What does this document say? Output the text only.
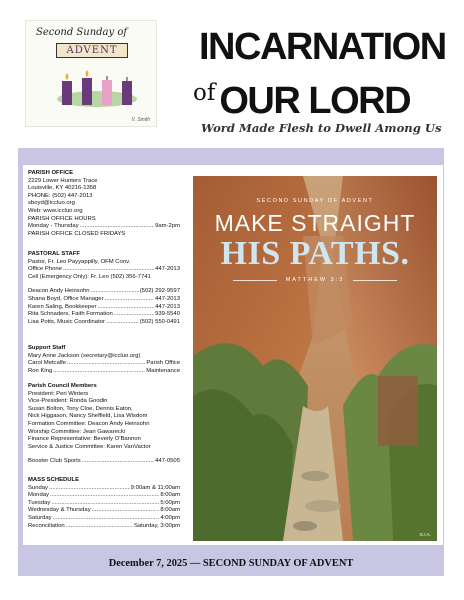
Second Sunday of
ADVENT
V. Smith
INCARNATION
of OUR LORD
Word Made Flesh to Dwell Among Us
PARISH OFFICE
2229 Lower Hunters Trace
Louisville, KY 40216-1358
PHONE: (502) 447-2013
sboyd@iccluo.org
Web: www.iccluo.org
PARISH OFFICE HOURS
Monday - Thursday .....	9am-2pm
PARISH OFFICE CLOSED FRIDAYS
PASTORAL STAFF
Pastor, Fr. Leo Payyappilly, OFM Conv.
Office Phone .....	447-2013
Cell (Emergency Only): Fr. Leo (502) 356-7741
Deacon Andy Heinsohn .....	(502) 292-9597
Shana Boyd, Office Manager .....	447-2013
Karen Saling, Bookkeeper .....	447-2013
Rita Schnaders, Faith Formation .....	939-5540
Lisa Potts, Music Coordinator .....	(502) 550-0491
Support Staff
Mary Anne Jackson (secretary@iccluo.org)
Carol Metcalfe .....	Parish Office
Ron King .....	Maintenance
Parish Council Members
President: Peri Winters
Vice-President: Ronda Goodin
Susan Bolton, Tony Cloe, Dennis Eaton,
Nick Higgason, Nancy Sheffield, Lisa Wisdom
Formation Committee: Deacon Andy Heinsohn
Worship Committee: Jean Gawarecki
Finance Representative: Beverly O'Bannon
Service & Justice Committee: Karen VanVactor
Booster Club Sports .....	447-0505
MASS SCHEDULE
Sunday .....	9:00am & 11:00am
Monday .....	8:00am
Tuesday .....	5:00pm
Wednesday & Thursday .....	8:00am
Saturday .....	4:00pm
Reconciliation .....	Saturday, 3:00pm
SECOND SUNDAY OF ADVENT
MAKE STRAIGHT
HIS PATHS.
MATTHEW 3:3
G.I.A.
December 7, 2025 — SECOND SUNDAY OF ADVENT
